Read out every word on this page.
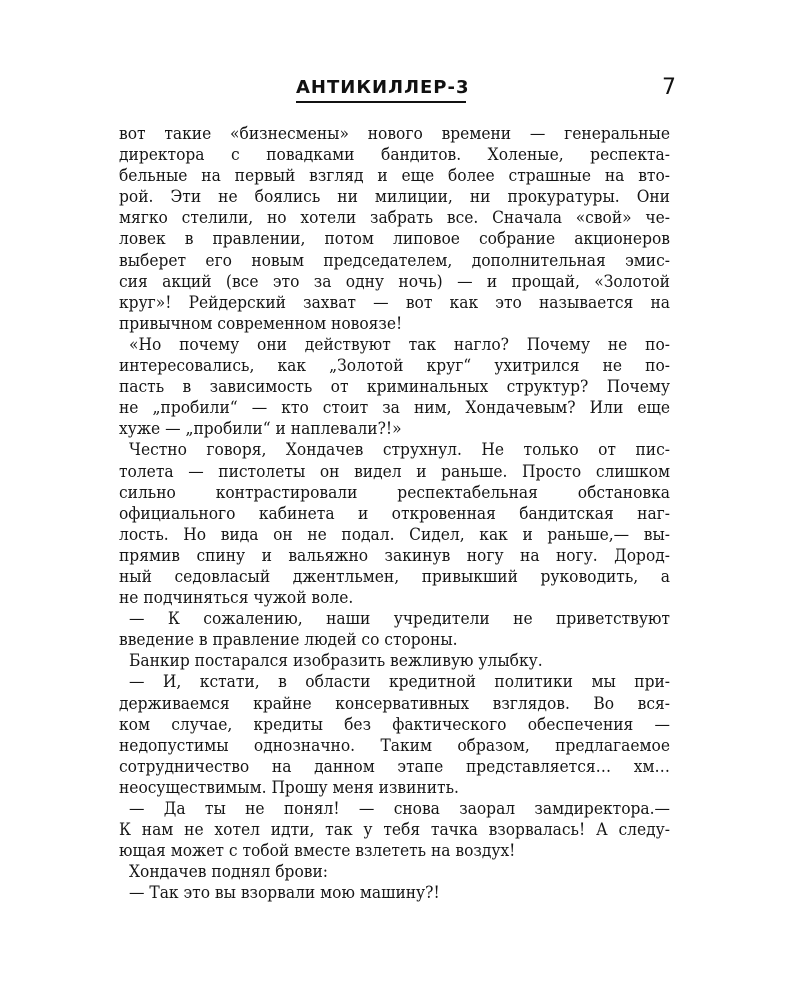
АНТИКИЛЛЕР-3	7
вот такие «бизнесмены» нового времени — генеральные
директора с повадками бандитов. Холеные, респекта-
бельные на первый взгляд и еще более страшные на вто-
рой. Эти не боялись ни милиции, ни прокуратуры. Они
мягко стелили, но хотели забрать все. Сначала «свой» че-
ловек в правлении, потом липовое собрание акционеров
выберет его новым председателем, дополнительная эмис-
сия акций (все это за одну ночь) — и прощай, «Золотой
круг»! Рейдерский захват — вот как это называется на
привычном современном новоязе!
«Но почему они действуют так нагло? Почему не по-
интересовались, как „Золотой круг“ ухитрился не по-
пасть в зависимость от криминальных структур? Почему
не „пробили“ — кто стоит за ним, Хондачевым? Или еще
хуже — „пробили“ и наплевали?!»
Честно говоря, Хондачев струхнул. Не только от пис-
толета — пистолеты он видел и раньше. Просто слишком
сильно контрастировали респектабельная обстановка
официального кабинета и откровенная бандитская наг-
лость. Но вида он не подал. Сидел, как и раньше,— вы-
прямив спину и вальяжно закинув ногу на ногу. Дород-
ный седовласый джентльмен, привыкший руководить, а
не подчиняться чужой воле.
— К сожалению, наши учредители не приветствуют
введение в правление людей со стороны.
Банкир постарался изобразить вежливую улыбку.
— И, кстати, в области кредитной политики мы при-
держиваемся крайне консервативных взглядов. Во вся-
ком случае, кредиты без фактического обеспечения —
недопустимы однозначно. Таким образом, предлагаемое
сотрудничество на данном этапе представляется… хм…
неосуществимым. Прошу меня извинить.
— Да ты не понял! — снова заорал замдиректора.—
К нам не хотел идти, так у тебя тачка взорвалась! А следу-
ющая может с тобой вместе взлететь на воздух!
Хондачев поднял брови:
— Так это вы взорвали мою машину?!
